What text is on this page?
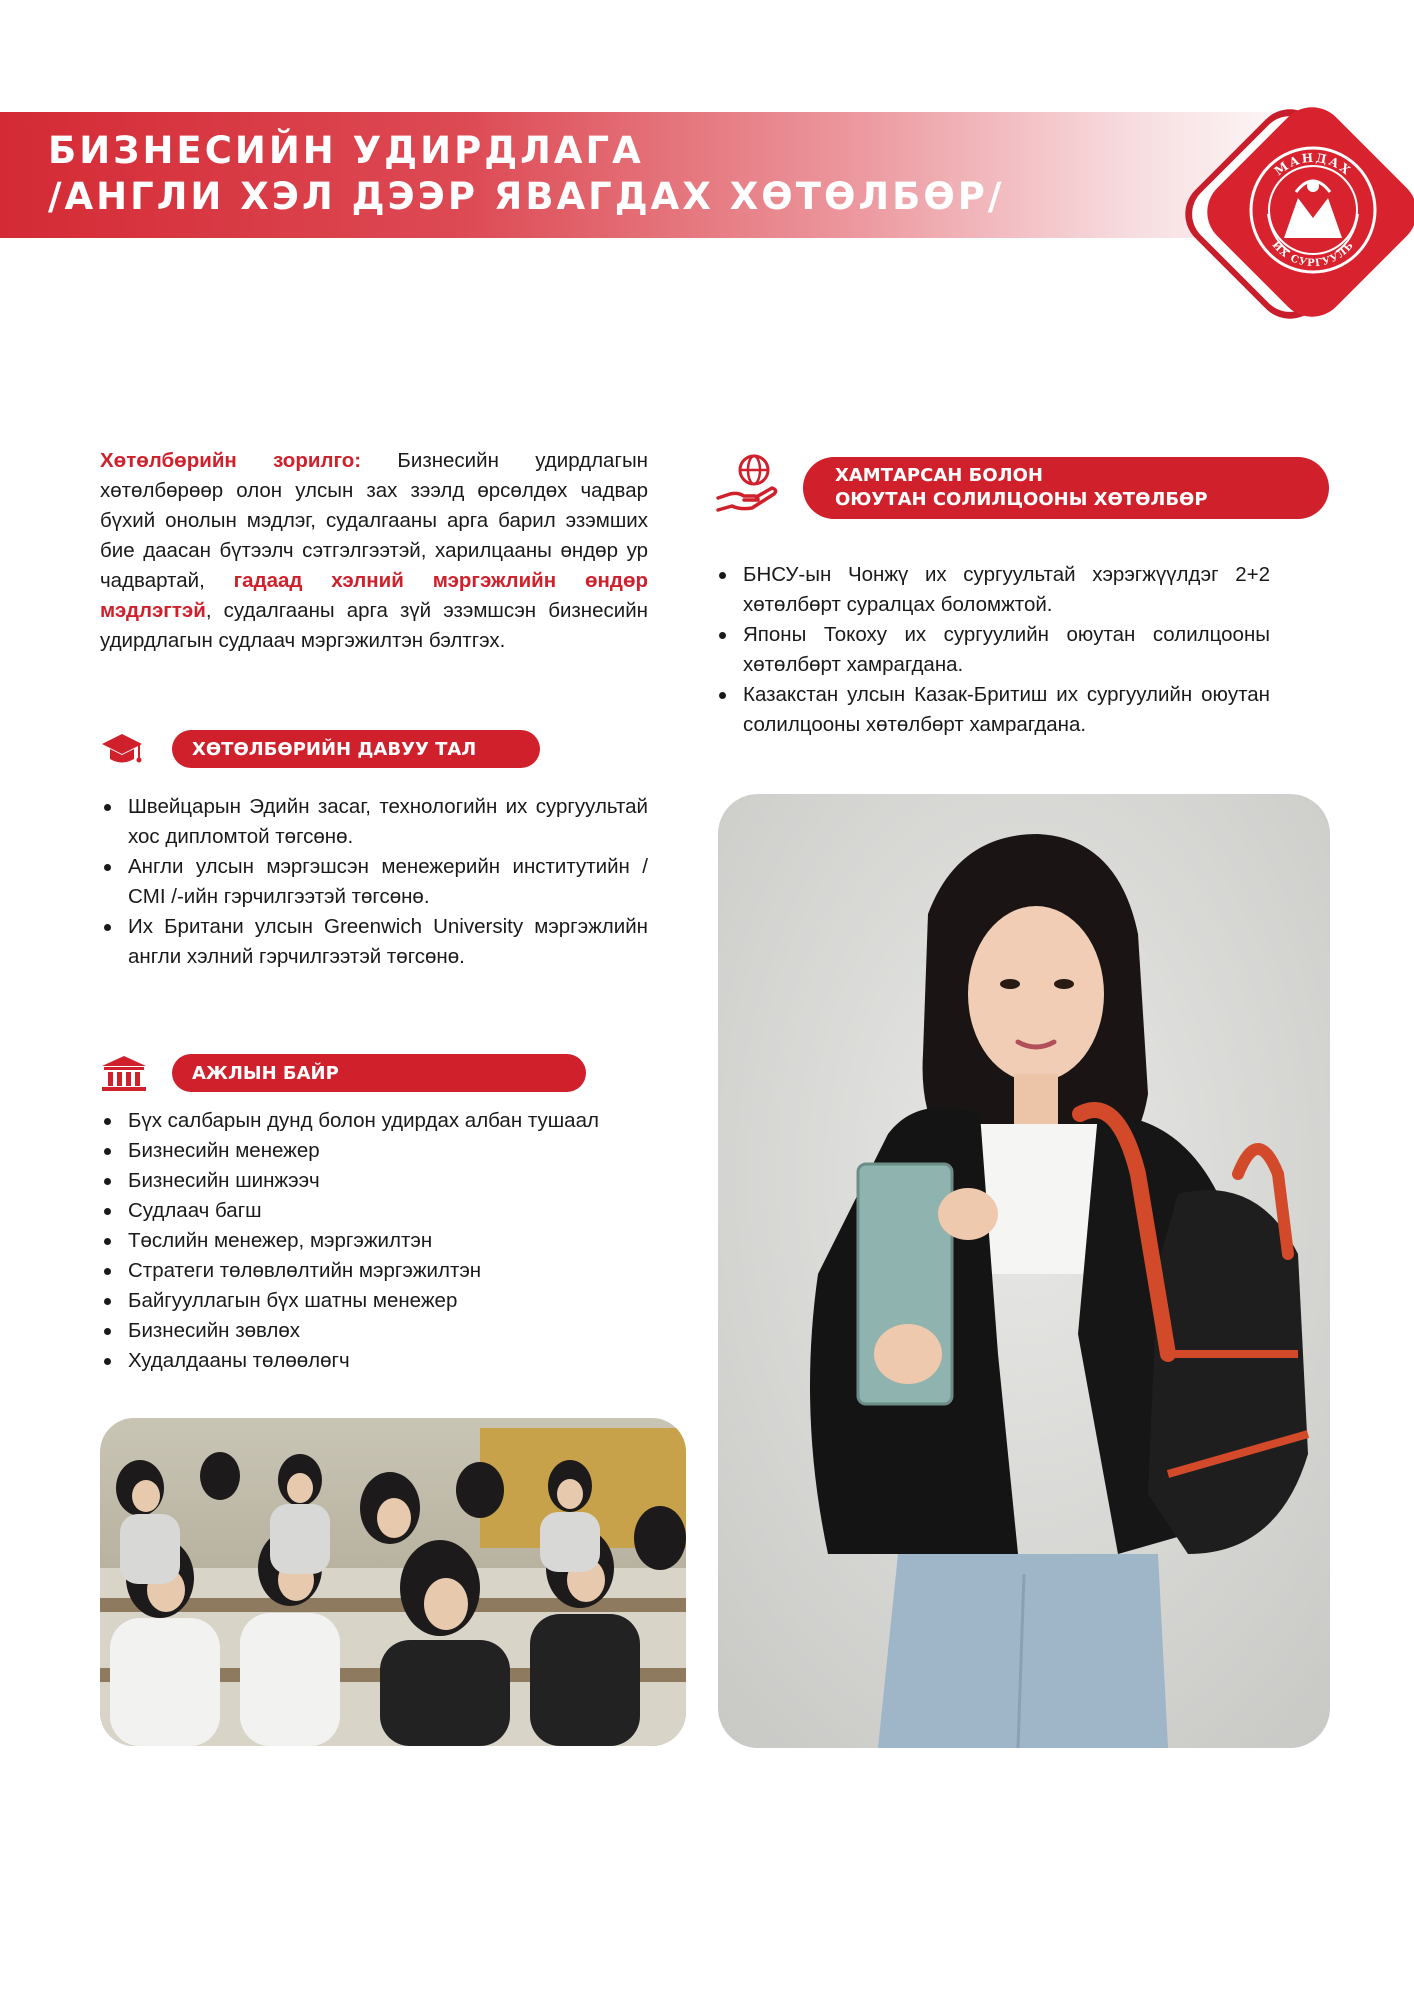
БИЗНЕСИЙН УДИРДЛАГА
/АНГЛИ ХЭЛ ДЭЭР ЯВАГДАХ ХӨТӨЛБӨР/
МАНДАХ
ИХ СУРГУУЛЬ
1992
Хөтөлбөрийн зорилго: Бизнесийн удирдлагын хөтөлбөрөөр олон улсын зах зээлд өрсөлдөх чадвар бүхий онолын мэдлэг, судалгааны арга барил эзэмших бие даасан бүтээлч сэтгэлгээтэй, харилцааны өндөр ур чадвартай, гадаад хэлний мэргэжлийн өндөр мэдлэгтэй, судалгааны арга зүй эзэмшсэн бизнесийн удирдлагын судлаач мэргэжилтэн бэлтгэх.
ХӨТӨЛБӨРИЙН ДАВУУ ТАЛ
Швейцарын Эдийн засаг, технологийн их сургуультай хос дипломтой төгсөнө.
Англи улсын мэргэшсэн менежерийн институтийн / CMI /-ийн гэрчилгээтэй төгсөнө.
Их Британи улсын Greenwich University мэргэжлийн англи хэлний гэрчилгээтэй төгсөнө.
АЖЛЫН БАЙР
Бүх салбарын дунд болон удирдах албан тушаал
Бизнесийн менежер
Бизнесийн шинжээч
Судлаач багш
Төслийн менежер, мэргэжилтэн
Стратеги төлөвлөлтийн мэргэжилтэн
Байгууллагын бүх шатны менежер
Бизнесийн зөвлөх
Худалдааны төлөөлөгч
ХАМТАРСАН БОЛОН
ОЮУТАН СОЛИЛЦООНЫ ХӨТӨЛБӨР
БНСУ-ын Чонжү их сургуультай хэрэгжүүлдэг 2+2 хөтөлбөрт суралцах боломжтой.
Японы Токоху их сургуулийн оюутан солилцооны хөтөлбөрт хамрагдана.
Казакстан улсын Казак-Бритиш их сургуулийн оюутан солилцооны хөтөлбөрт хамрагдана.
